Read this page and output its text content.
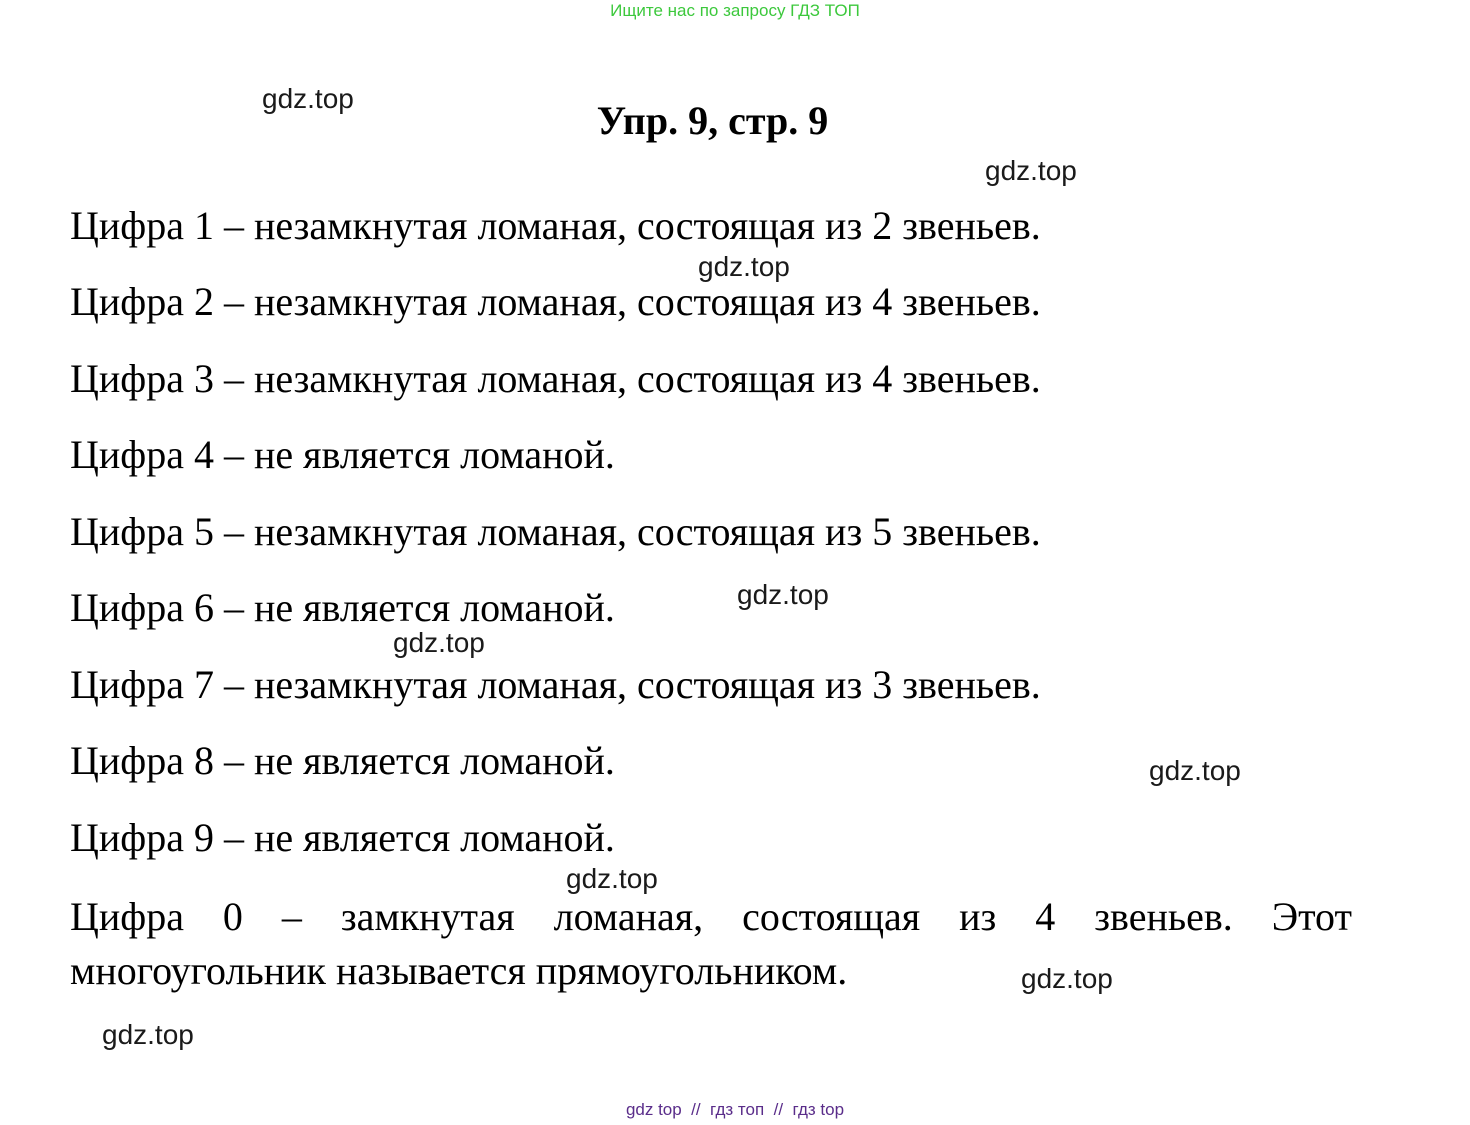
Ищите нас по запросу ГДЗ ТОП
Упр. 9, стр. 9
Цифра 1 – незамкнутая ломаная, состоящая из 2 звеньев.
Цифра 2 – незамкнутая ломаная, состоящая из 4 звеньев.
Цифра 3 – незамкнутая ломаная, состоящая из 4 звеньев.
Цифра 4 – не является ломаной.
Цифра 5 – незамкнутая ломаная, состоящая из 5 звеньев.
Цифра 6 – не является ломаной.
Цифра 7 – незамкнутая ломаная, состоящая из 3 звеньев.
Цифра 8 – не является ломаной.
Цифра 9 – не является ломаной.
Цифра 0 – замкнутая ломаная, состоящая из 4 звеньев. Этот многоугольник называется прямоугольником.
gdz.top
gdz.top
gdz.top
gdz.top
gdz.top
gdz.top
gdz.top
gdz.top
gdz.top
gdz top  //  гдз топ  //  гдз top
